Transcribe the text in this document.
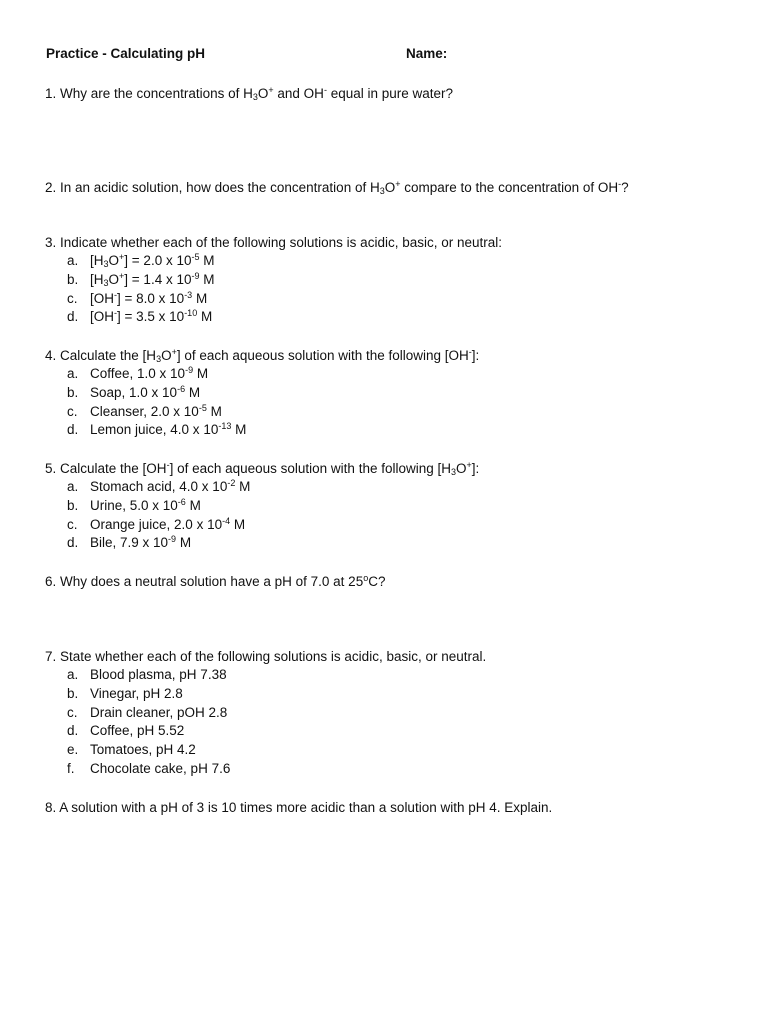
Practice - Calculating pH	Name:
1. Why are the concentrations of $H_3O^+$ and OH- equal in pure water?
2. In an acidic solution, how does the concentration of $H_3O^+$ compare to the concentration of OH-?
3. Indicate whether each of the following solutions is acidic, basic, or neutral:
a. $[H_3O^+] = 2.0$ x $10^{-5}$ M
b. $[H_3O^+] = 1.4$ x $10^{-9}$ M
c. [OH-] = 8.0 x $10^{-3}$ M
d. [OH-] = 3.5 x $10^{-10}$ M
4. Calculate the $[H_3O^+]$ of each aqueous solution with the following [OH-]:
a. Coffee, 1.0 x $10^{-9}$ M
b. Soap, 1.0 x $10^{-6}$ M
c. Cleanser, 2.0 x $10^{-5}$ M
d. Lemon juice, 4.0 x $10^{-13}$ M
5. Calculate the [OH-] of each aqueous solution with the following $[H_3O^+]$:
a. Stomach acid, 4.0 x $10^{-2}$ M
b. Urine, 5.0 x $10^{-6}$ M
c. Orange juice, 2.0 x $10^{-4}$ M
d. Bile, 7.9 x $10^{-9}$ M
6. Why does a neutral solution have a pH of 7.0 at 25$^o$C?
7. State whether each of the following solutions is acidic, basic, or neutral.
a. Blood plasma, pH 7.38
b. Vinegar, pH 2.8
c. Drain cleaner, pOH 2.8
d. Coffee, pH 5.52
e. Tomatoes, pH 4.2
f. Chocolate cake, pH 7.6
8. A solution with a pH of 3 is 10 times more acidic than a solution with pH 4. Explain.
